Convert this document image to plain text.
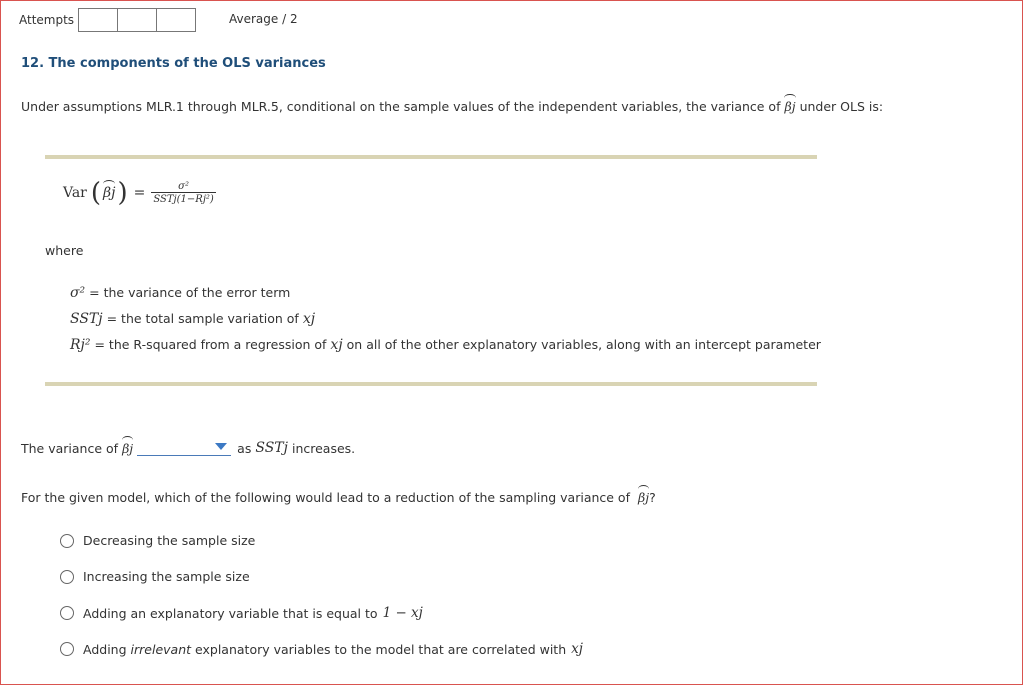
Attempts	Average / 2
12. The components of the OLS variances
Under assumptions MLR.1 through MLR.5, conditional on the sample values of the independent variables, the variance of βj under OLS is:
Var ( βj ) = $\frac{\text{σ²}}{\text{SSTj(1−Rj²)}}$
where
σ² = the variance of the error term
SSTj = the total sample variation of xj
Rj² = the R-squared from a regression of xj on all of the other explanatory variables, along with an intercept parameter
The variance of βj	as SSTj increases.
For the given model, which of the following would lead to a reduction of the sampling variance of βj?
Decreasing the sample size
Increasing the sample size
Adding an explanatory variable that is equal to 1 − xj
Adding irrelevant explanatory variables to the model that are correlated with xj
